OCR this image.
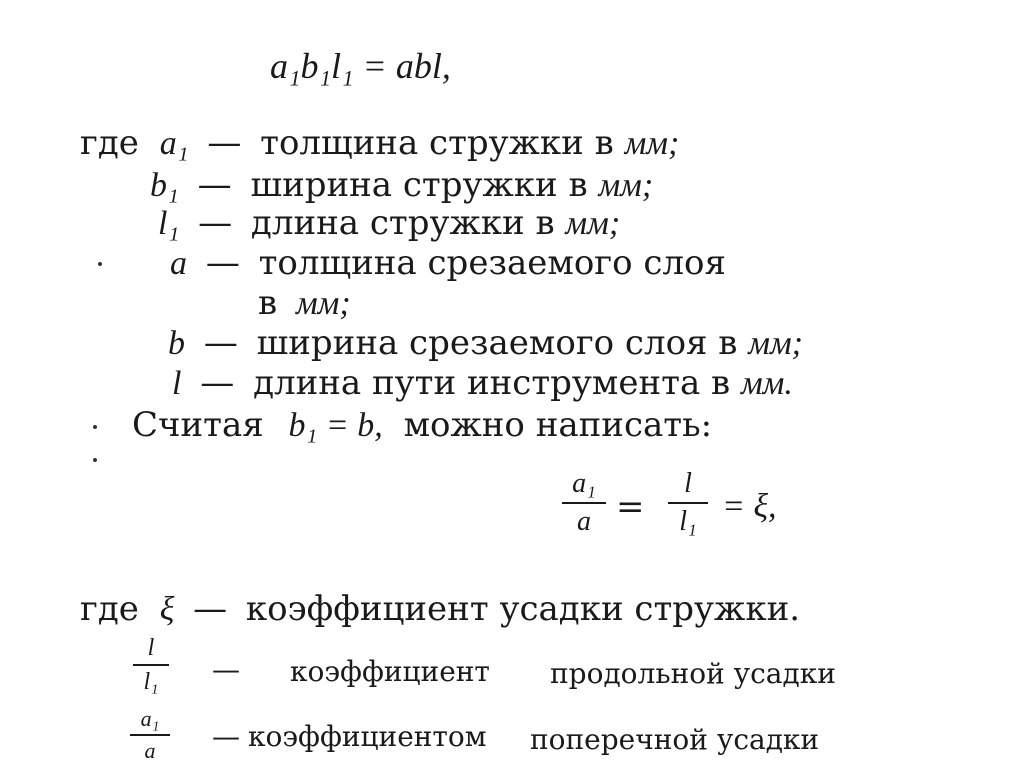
a₁b₁l₁ = abl,
где a₁ — толщина стружки в мм;
b₁ — ширина стружки в мм;
l₁ — длина стружки в мм;
a — толщина срезаемого слоя
в мм;
b — ширина срезаемого слоя в мм;
l — длина пути инструмента в мм.
Считая b₁ = b, можно написать:
a₁
a =
l
l₁ = ξ,
где ξ — коэффициент усадки стружки.
l
l₁ — коэффициент продольной усадки
a₁
a — коэффициентом поперечной усадки
